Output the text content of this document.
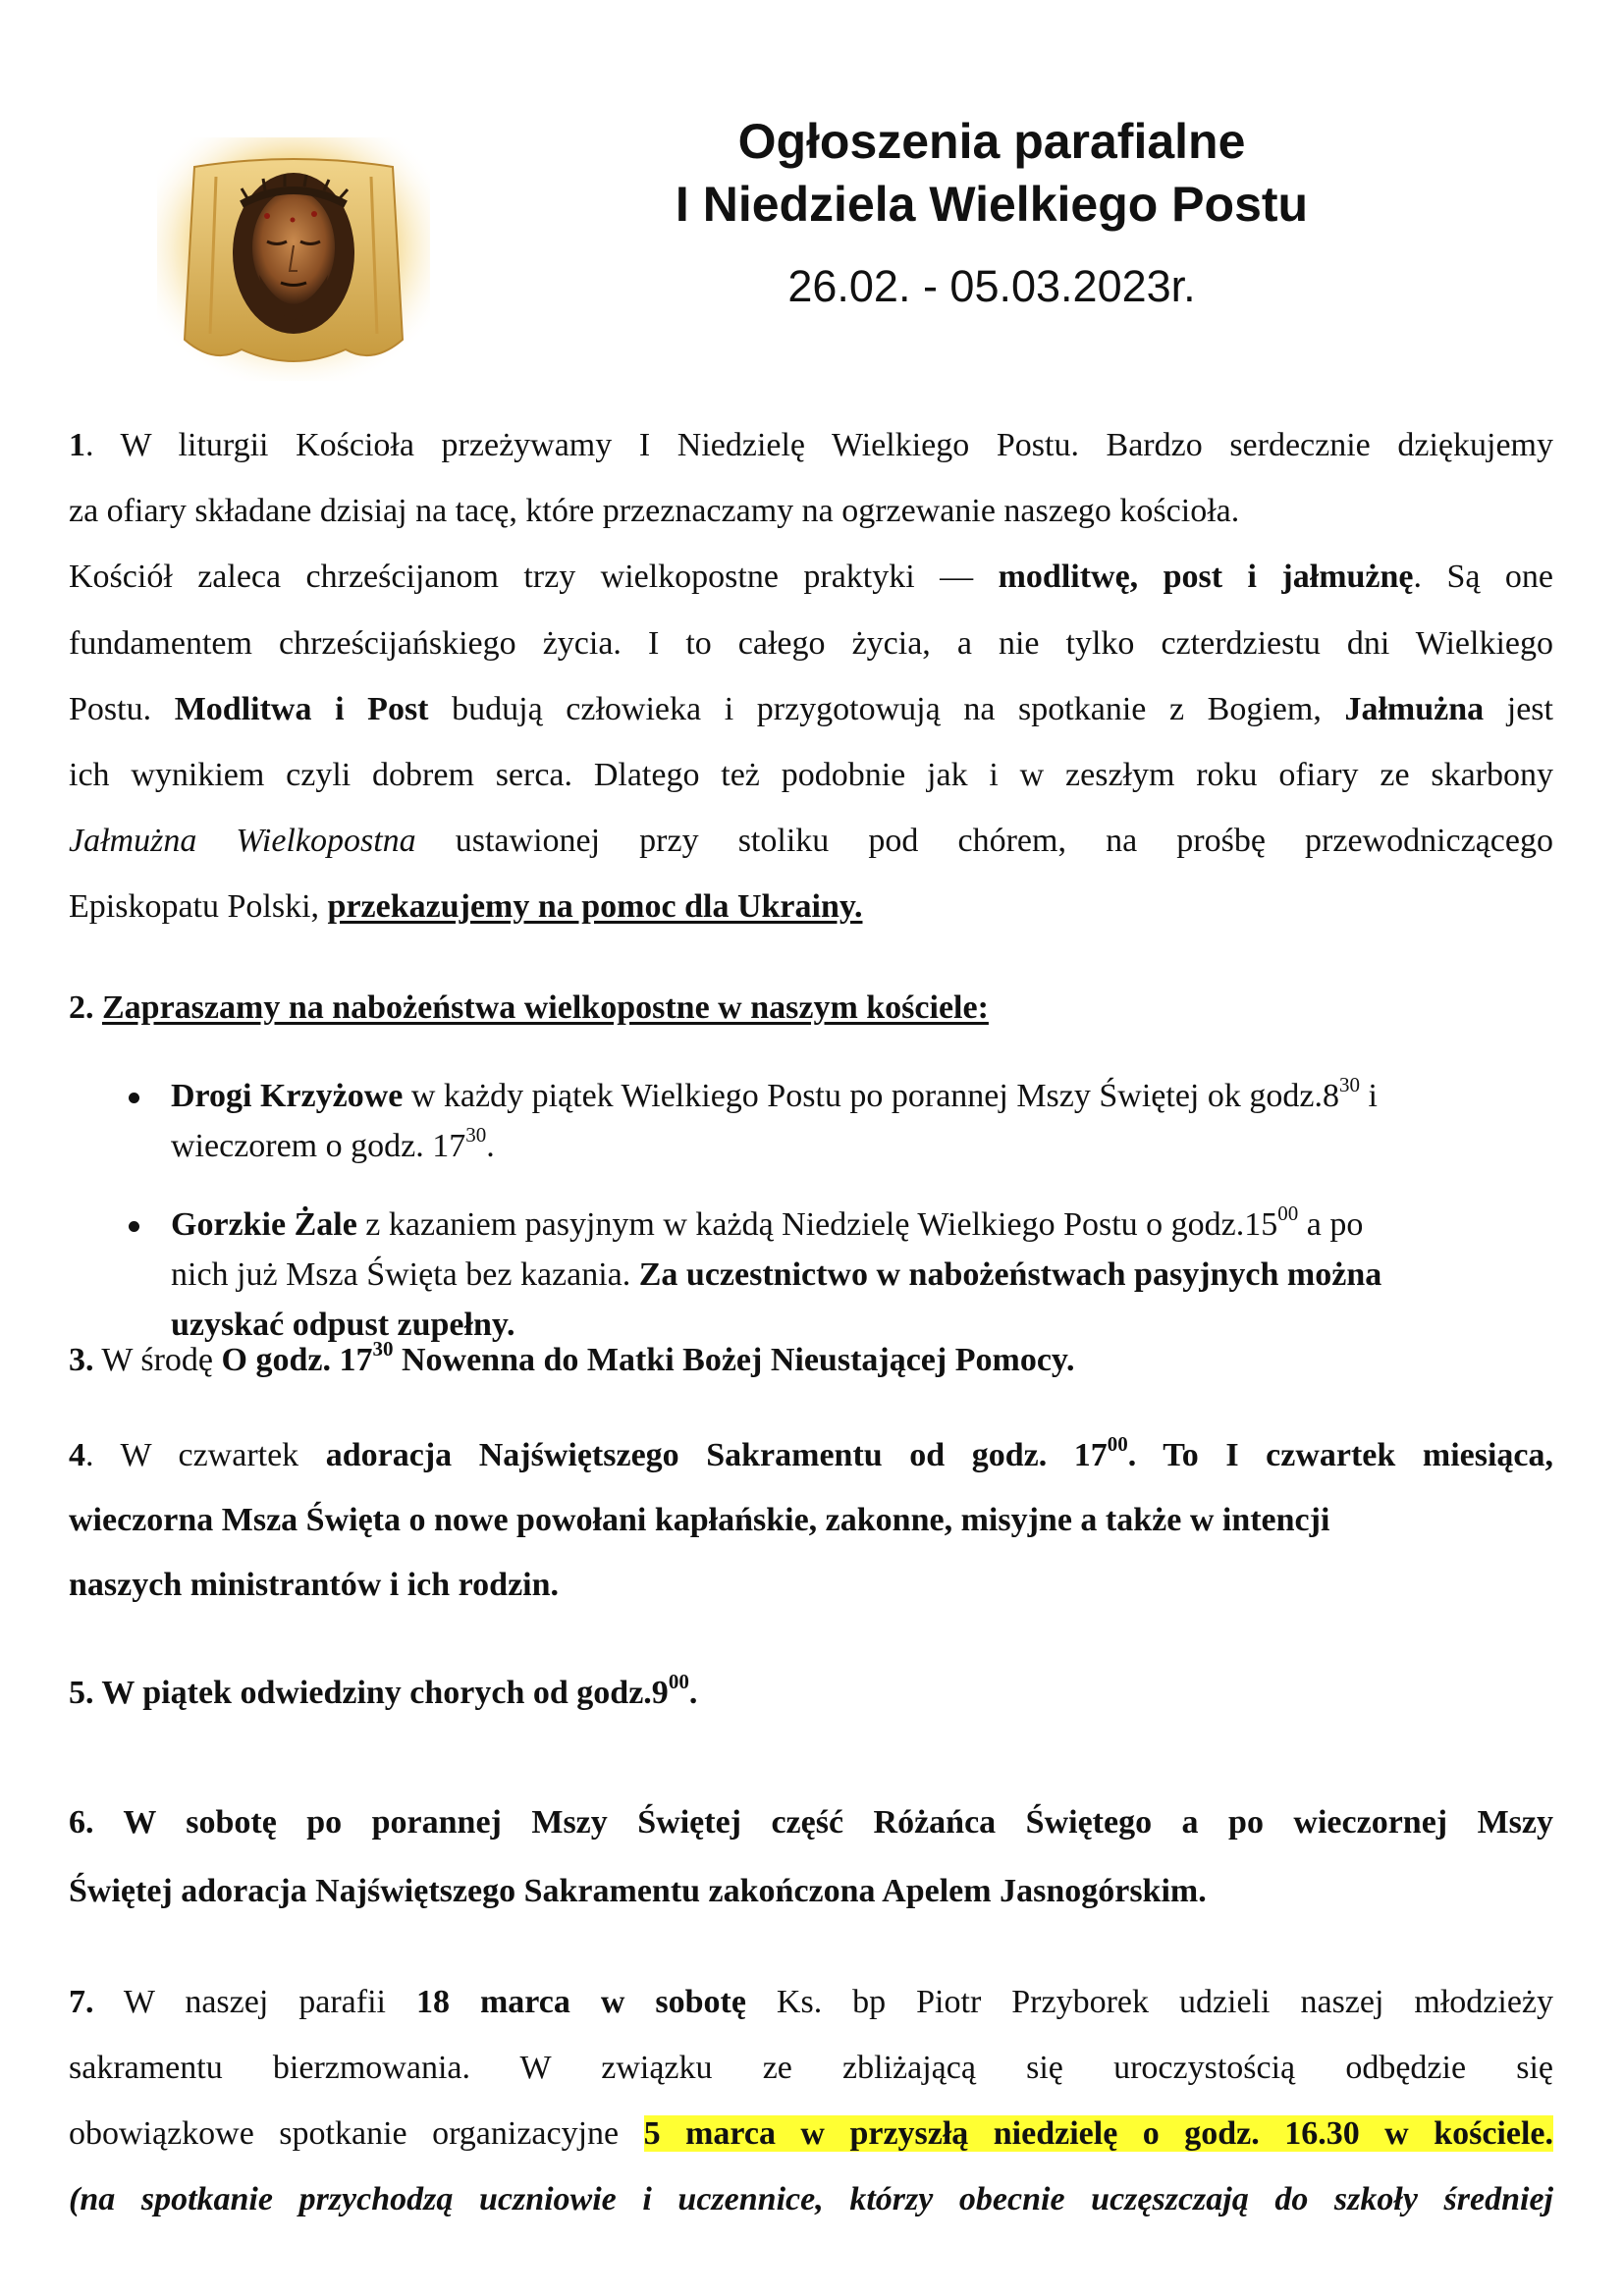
Ogłoszenia parafialne
I Niedziela Wielkiego Postu
26.02. - 05.03.2023r.

1. W liturgii Kościoła przeżywamy I Niedzielę Wielkiego Postu. Bardzo serdecznie dziękujemy

za ofiary składane dzisiaj na tacę, które przeznaczamy na ogrzewanie naszego kościoła.

Kościół zaleca chrześcijanom trzy wielkopostne praktyki — modlitwę, post i jałmużnę. Są one

fundamentem chrześcijańskiego życia. I to całego życia, a nie tylko czterdziestu dni Wielkiego

Postu. Modlitwa i Post budują człowieka i przygotowują na spotkanie z Bogiem, Jałmużna jest

ich wynikiem czyli dobrem serca. Dlatego też podobnie jak i w zeszłym roku ofiary ze skarbony

Jałmużna Wielkopostna ustawionej przy stoliku pod chórem, na prośbę przewodniczącego

Episkopatu Polski, przekazujemy na pomoc dla Ukrainy.

2. Zapraszamy na nabożeństwa wielkopostne w naszym kościele:

Drogi Krzyżowe w każdy piątek Wielkiego Postu po porannej Mszy Świętej ok $godz.8^{30}$ i
wieczorem o godz. $17^{30}$.
Gorzkie Żale z kazaniem pasyjnym w każdą Niedzielę Wielkiego Postu o $godz.15^{00}$ a po
nich już Msza Święta bez kazania. Za uczestnictwo w nabożeństwach pasyjnych można
uzyskać odpust zupełny.

3. W środę O godz. $17^{30}$ Nowenna do Matki Bożej Nieustającej Pomocy.

4. W czwartek adoracja Najświętszego Sakramentu od godz. $17^{00}$. To I czwartek miesiąca,

wieczorna Msza Święta o nowe powołani kapłańskie, zakonne, misyjne a także w intencji

naszych ministrantów i ich rodzin.

5. W piątek odwiedziny chorych od $godz.9^{00}$.

6. W sobotę po porannej Mszy Świętej część Różańca Świętego a po wieczornej Mszy

Świętej adoracja Najświętszego Sakramentu zakończona Apelem Jasnogórskim.

7. W naszej parafii 18 marca w sobotę Ks. bp Piotr Przyborek udzieli naszej młodzieży

sakramentu bierzmowania. W związku ze zbliżającą się uroczystością odbędzie się

obowiązkowe spotkanie organizacyjne 5 marca w przyszłą niedzielę o godz. 16.30 w kościele.

(na spotkanie przychodzą uczniowie i uczennice, którzy obecnie uczęszczają do szkoły średniej
